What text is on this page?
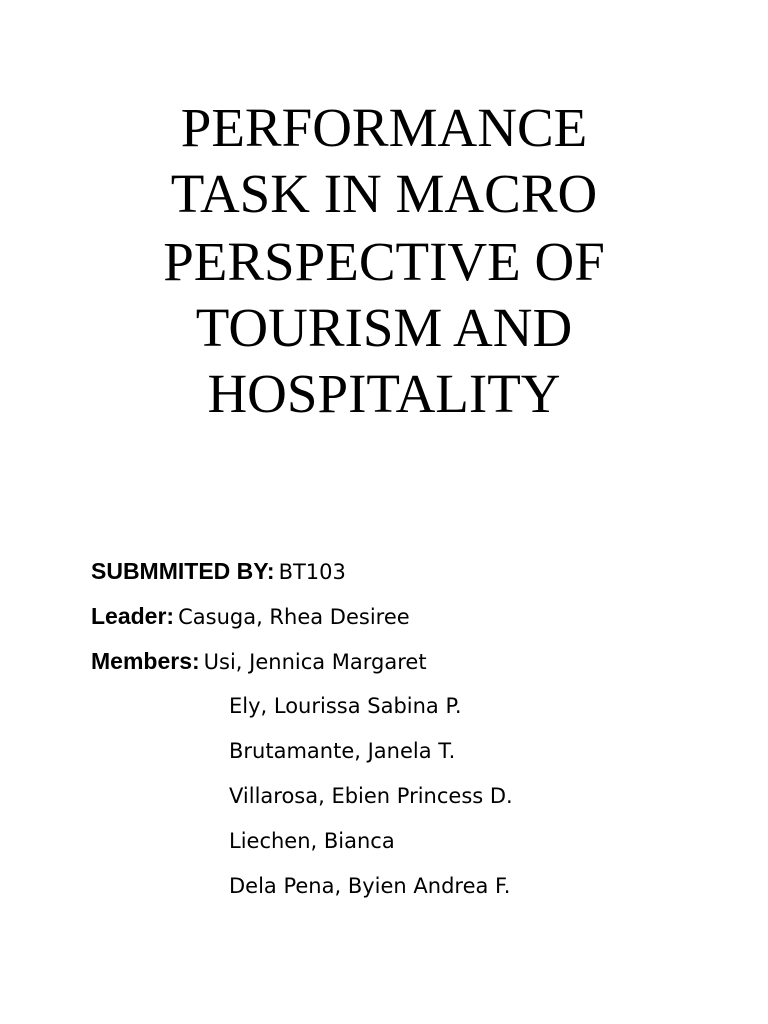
PERFORMANCE
TASK IN MACRO
PERSPECTIVE OF
TOURISM AND
HOSPITALITY
SUBMMITED BY: BT103
Leader: Casuga, Rhea Desiree
Members: Usi, Jennica Margaret
Ely, Lourissa Sabina P.
Brutamante, Janela T.
Villarosa, Ebien Princess D.
Liechen, Bianca
Dela Pena, Byien Andrea F.
